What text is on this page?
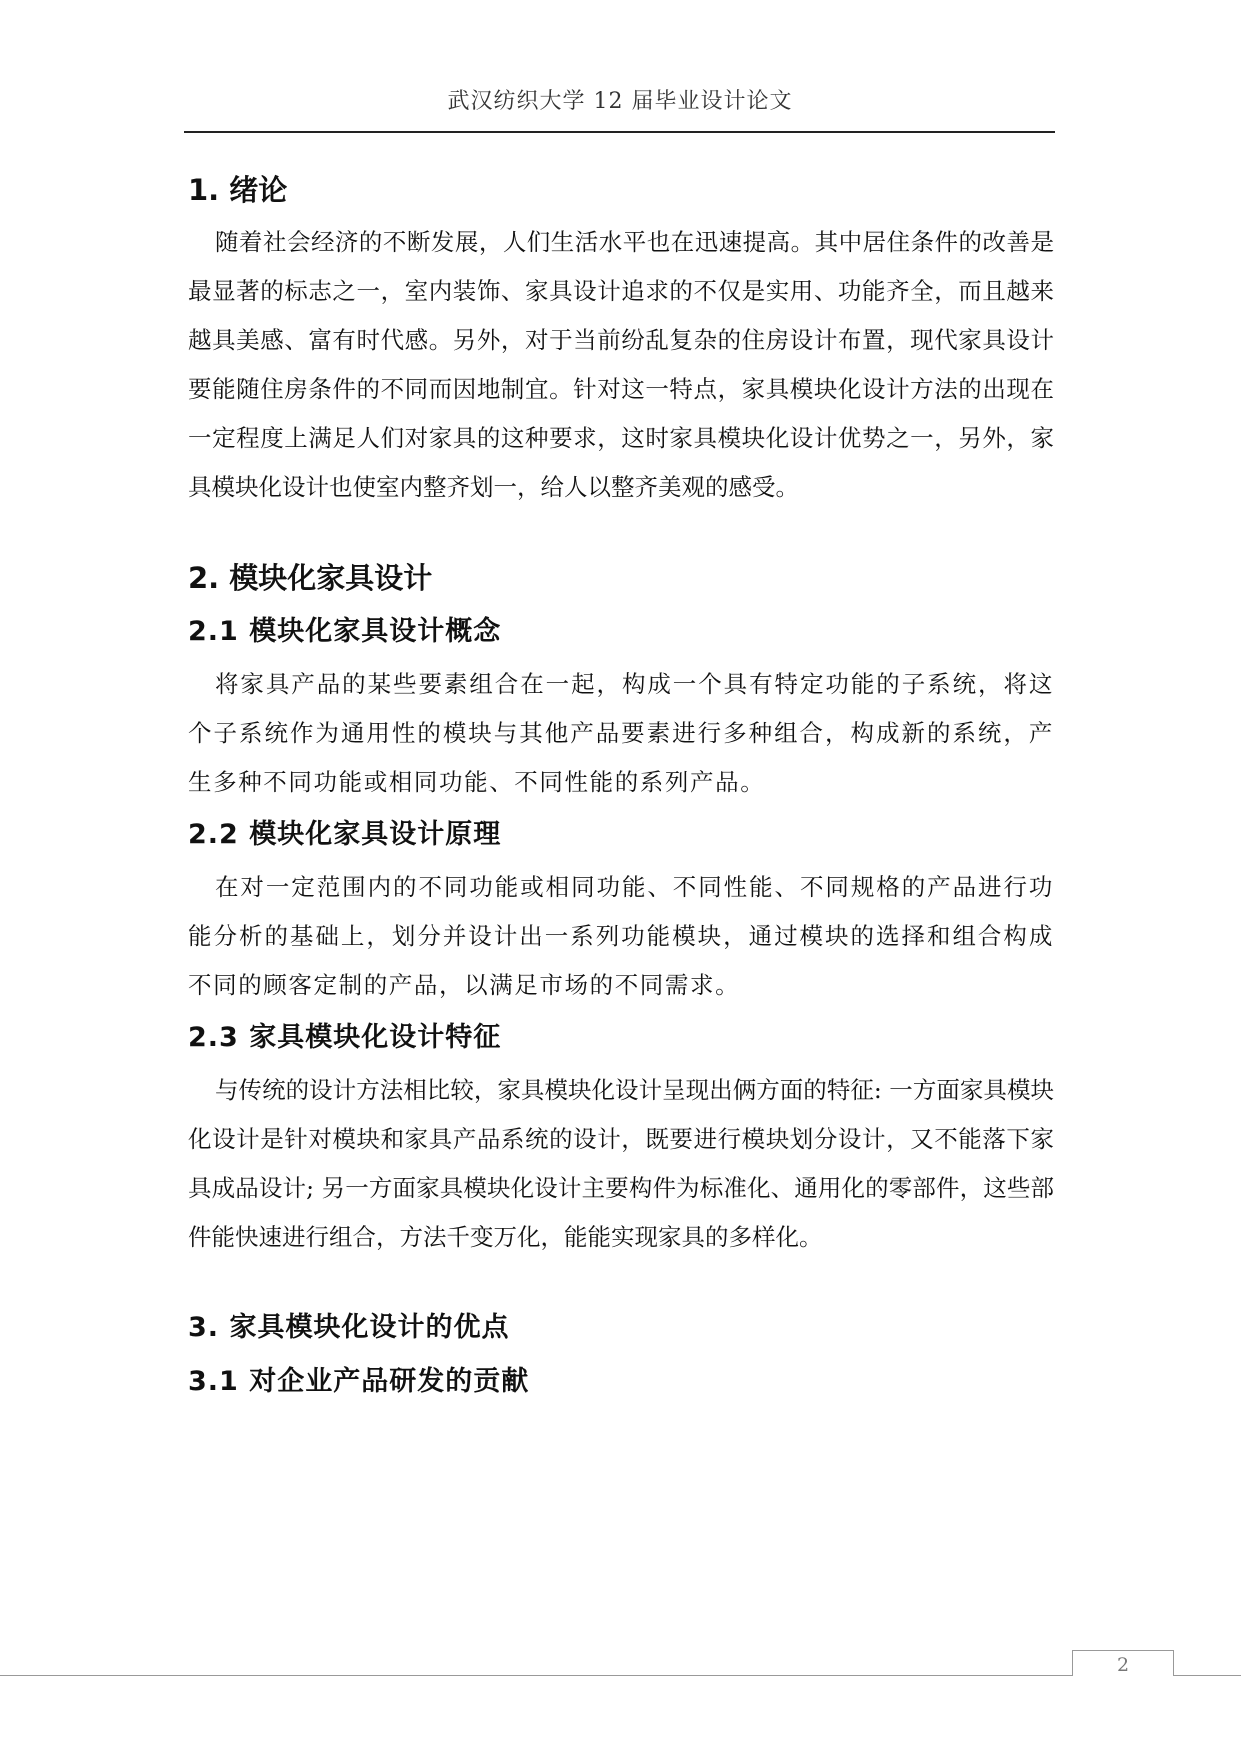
武汉纺织大学 12 届毕业设计论文
1. 绪论

随着社会经济的不断发展，人们生活水平也在迅速提高。其中居住条件的改善是最显著的标志之一，室内装饰、家具设计追求的不仅是实用、功能齐全，而且越来越具美感、富有时代感。另外，对于当前纷乱复杂的住房设计布置，现代家具设计要能随住房条件的不同而因地制宜。针对这一特点，家具模块化设计方法的出现在一定程度上满足人们对家具的这种要求，这时家具模块化设计优势之一，另外，家具模块化设计也使室内整齐划一，给人以整齐美观的感受。

2. 模块化家具设计
2.1 模块化家具设计概念

将家具产品的某些要素组合在一起，构成一个具有特定功能的子系统，将这个子系统作为通用性的模块与其他产品要素进行多种组合，构成新的系统，产生多种不同功能或相同功能、不同性能的系列产品。

2.2 模块化家具设计原理

在对一定范围内的不同功能或相同功能、不同性能、不同规格的产品进行功能分析的基础上，划分并设计出一系列功能模块，通过模块的选择和组合构成不同的顾客定制的产品，以满足市场的不同需求。

2.3 家具模块化设计特征

与传统的设计方法相比较，家具模块化设计呈现出俩方面的特征: 一方面家具模块化设计是针对模块和家具产品系统的设计，既要进行模块划分设计，又不能落下家具成品设计; 另一方面家具模块化设计主要构件为标准化、通用化的零部件，这些部件能快速进行组合，方法千变万化，能能实现家具的多样化。

3. 家具模块化设计的优点
3.1 对企业产品研发的贡献
2
